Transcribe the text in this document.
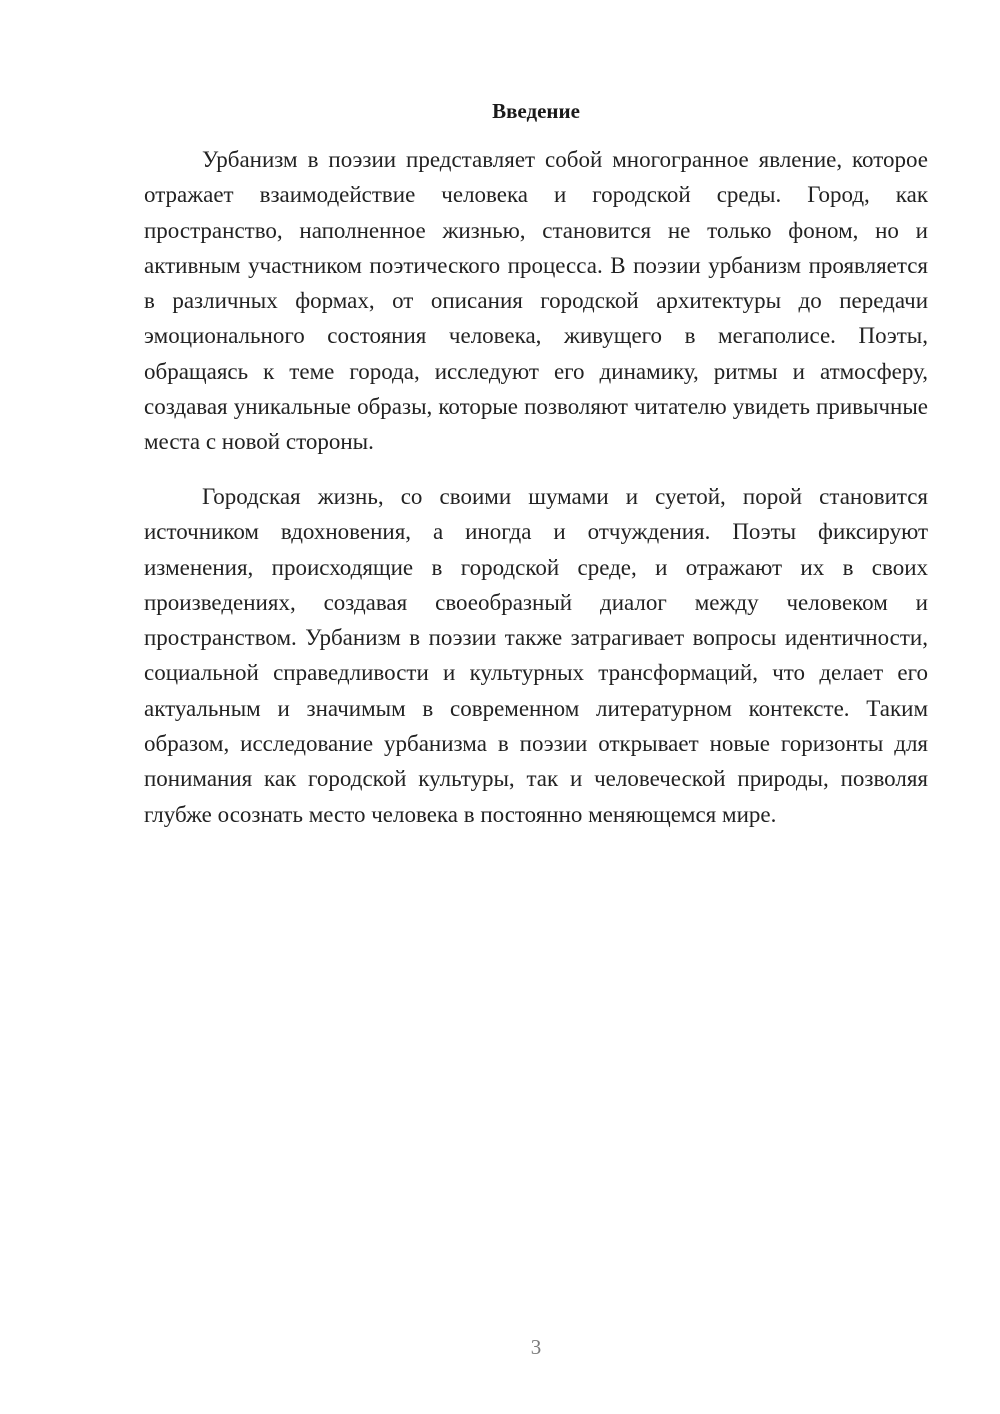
Введение

Урбанизм в поэзии представляет собой многогранное явление, которое отражает взаимодействие человека и городской среды. Город, как пространство, наполненное жизнью, становится не только фоном, но и активным участником поэтического процесса. В поэзии урбанизм проявляется в различных формах, от описания городской архитектуры до передачи эмоционального состояния человека, живущего в мегаполисе. Поэты, обращаясь к теме города, исследуют его динамику, ритмы и атмосферу, создавая уникальные образы, которые позволяют читателю увидеть привычные места с новой стороны.

Городская жизнь, со своими шумами и суетой, порой становится источником вдохновения, а иногда и отчуждения. Поэты фиксируют изменения, происходящие в городской среде, и отражают их в своих произведениях, создавая своеобразный диалог между человеком и пространством. Урбанизм в поэзии также затрагивает вопросы идентичности, социальной справедливости и культурных трансформаций, что делает его актуальным и значимым в современном литературном контексте. Таким образом, исследование урбанизма в поэзии открывает новые горизонты для понимания как городской культуры, так и человеческой природы, позволяя глубже осознать место человека в постоянно меняющемся мире.

3
